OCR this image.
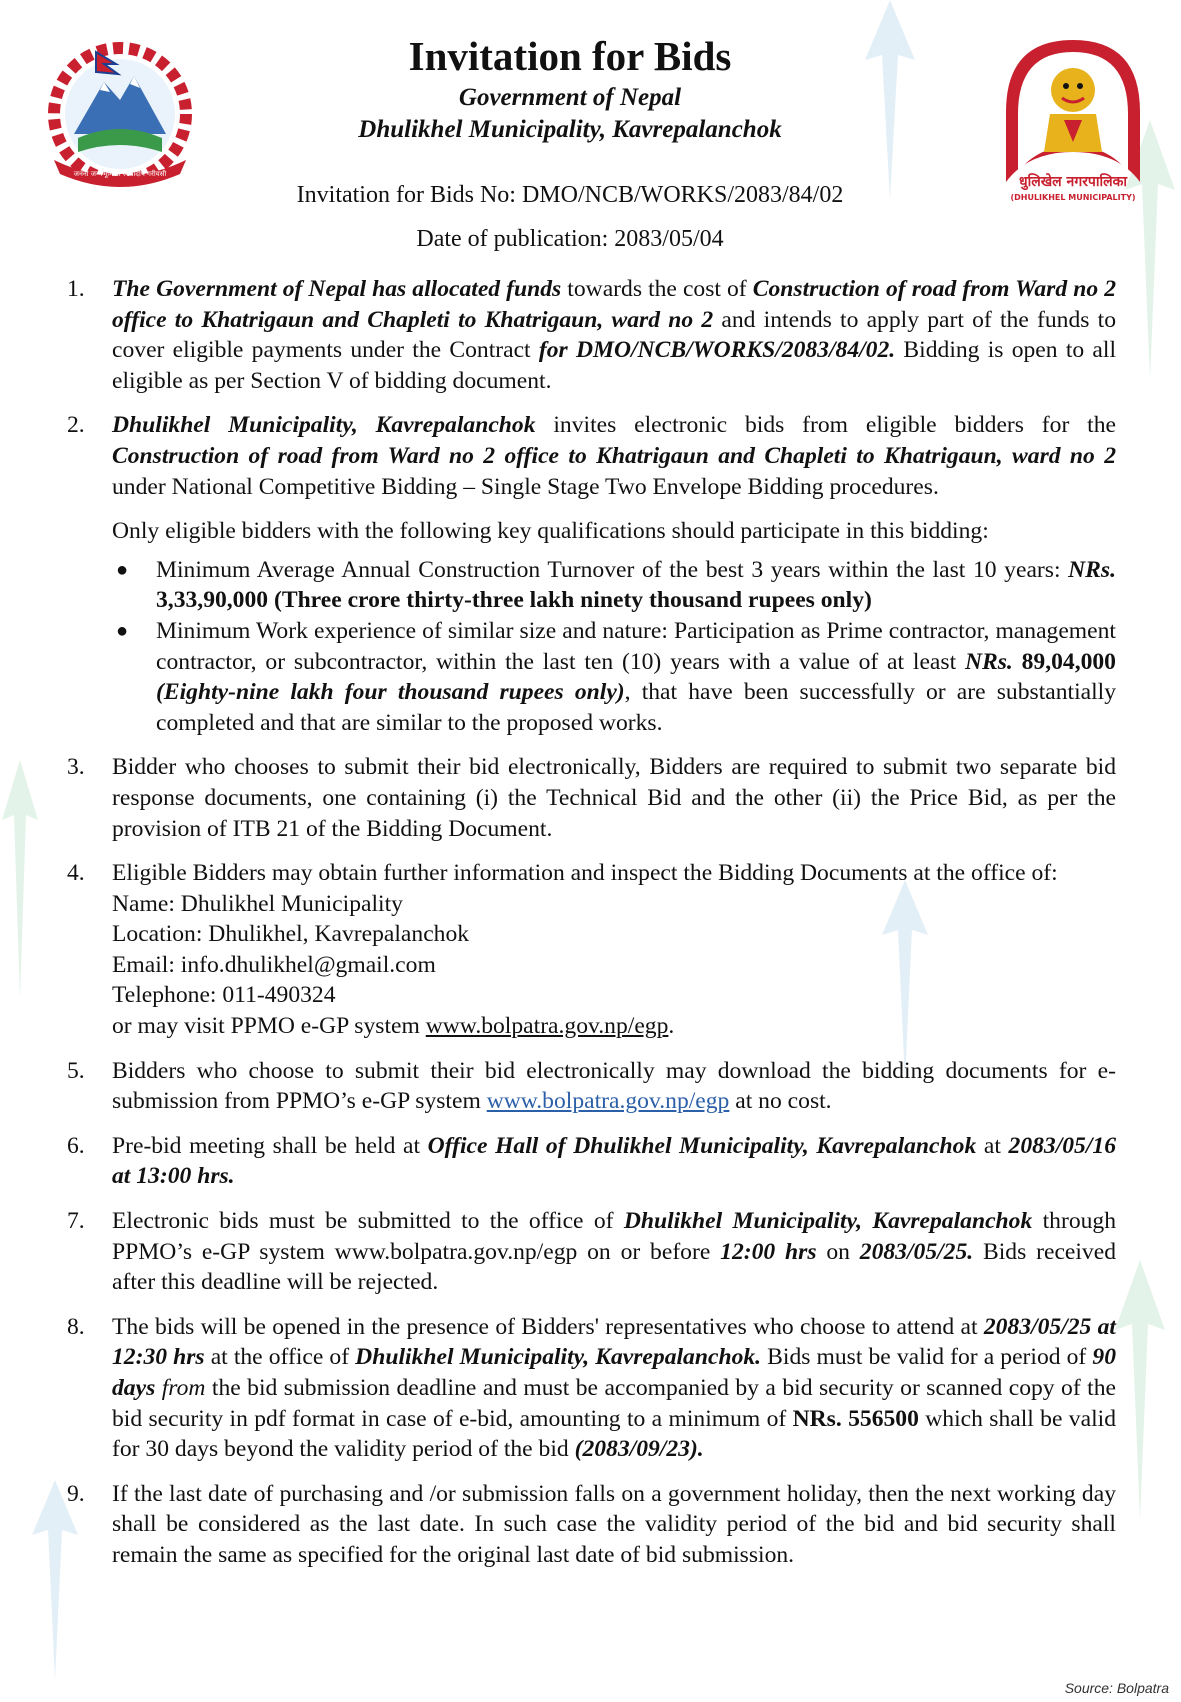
जननी जन्मभूमिश्च स्वर्गादपि गरीयसी
Invitation for Bids
Government of Nepal
Dhulikhel Municipality, Kavrepalanchok
Invitation for Bids No: DMO/NCB/WORKS/2083/84/02
Date of publication: 2083/05/04
धुलिखेल नगरपालिका
(DHULIKHEL MUNICIPALITY)
1. The Government of Nepal has allocated funds towards the cost of Construction of road from Ward no 2 office to Khatrigaun and Chapleti to Khatrigaun, ward no 2 and intends to apply part of the funds to cover eligible payments under the Contract for DMO/NCB/WORKS/2083/84/02. Bidding is open to all eligible as per Section V of bidding document.

2. Dhulikhel Municipality, Kavrepalanchok invites electronic bids from eligible bidders for the Construction of road from Ward no 2 office to Khatrigaun and Chapleti to Khatrigaun, ward no 2 under National Competitive Bidding – Single Stage Two Envelope Bidding procedures.

Only eligible bidders with the following key qualifications should participate in this bidding:

● Minimum Average Annual Construction Turnover of the best 3 years within the last 10 years: NRs. 3,33,90,000 (Three crore thirty-three lakh ninety thousand rupees only)
● Minimum Work experience of similar size and nature: Participation as Prime contractor, management contractor, or subcontractor, within the last ten (10) years with a value of at least NRs. 89,04,000 (Eighty-nine lakh four thousand rupees only), that have been successfully or are substantially completed and that are similar to the proposed works.
3. Bidder who chooses to submit their bid electronically, Bidders are required to submit two separate bid response documents, one containing (i) the Technical Bid and the other (ii) the Price Bid, as per the provision of ITB 21 of the Bidding Document.

4. Eligible Bidders may obtain further information and inspect the Bidding Documents at the office of:

Name: Dhulikhel Municipality

Location: Dhulikhel, Kavrepalanchok

Email: info.dhulikhel@gmail.com

Telephone: 011-490324

or may visit PPMO e-GP system www.bolpatra.gov.np/egp.

5. Bidders who choose to submit their bid electronically may download the bidding documents for e-submission from PPMO’s e-GP system www.bolpatra.gov.np/egp at no cost.

6. Pre-bid meeting shall be held at Office Hall of Dhulikhel Municipality, Kavrepalanchok at 2083/05/16 at 13:00 hrs.

7. Electronic bids must be submitted to the office of Dhulikhel Municipality, Kavrepalanchok through PPMO’s e-GP system www.bolpatra.gov.np/egp on or before 12:00 hrs on 2083/05/25. Bids received after this deadline will be rejected.

8. The bids will be opened in the presence of Bidders' representatives who choose to attend at 2083/05/25 at 12:30 hrs at the office of Dhulikhel Municipality, Kavrepalanchok. Bids must be valid for a period of 90 days from the bid submission deadline and must be accompanied by a bid security or scanned copy of the bid security in pdf format in case of e-bid, amounting to a minimum of NRs. 556500 which shall be valid for 30 days beyond the validity period of the bid (2083/09/23).

9. If the last date of purchasing and /or submission falls on a government holiday, then the next working day shall be considered as the last date. In such case the validity period of the bid and bid security shall remain the same as specified for the original last date of bid submission.

Source: Bolpatra
